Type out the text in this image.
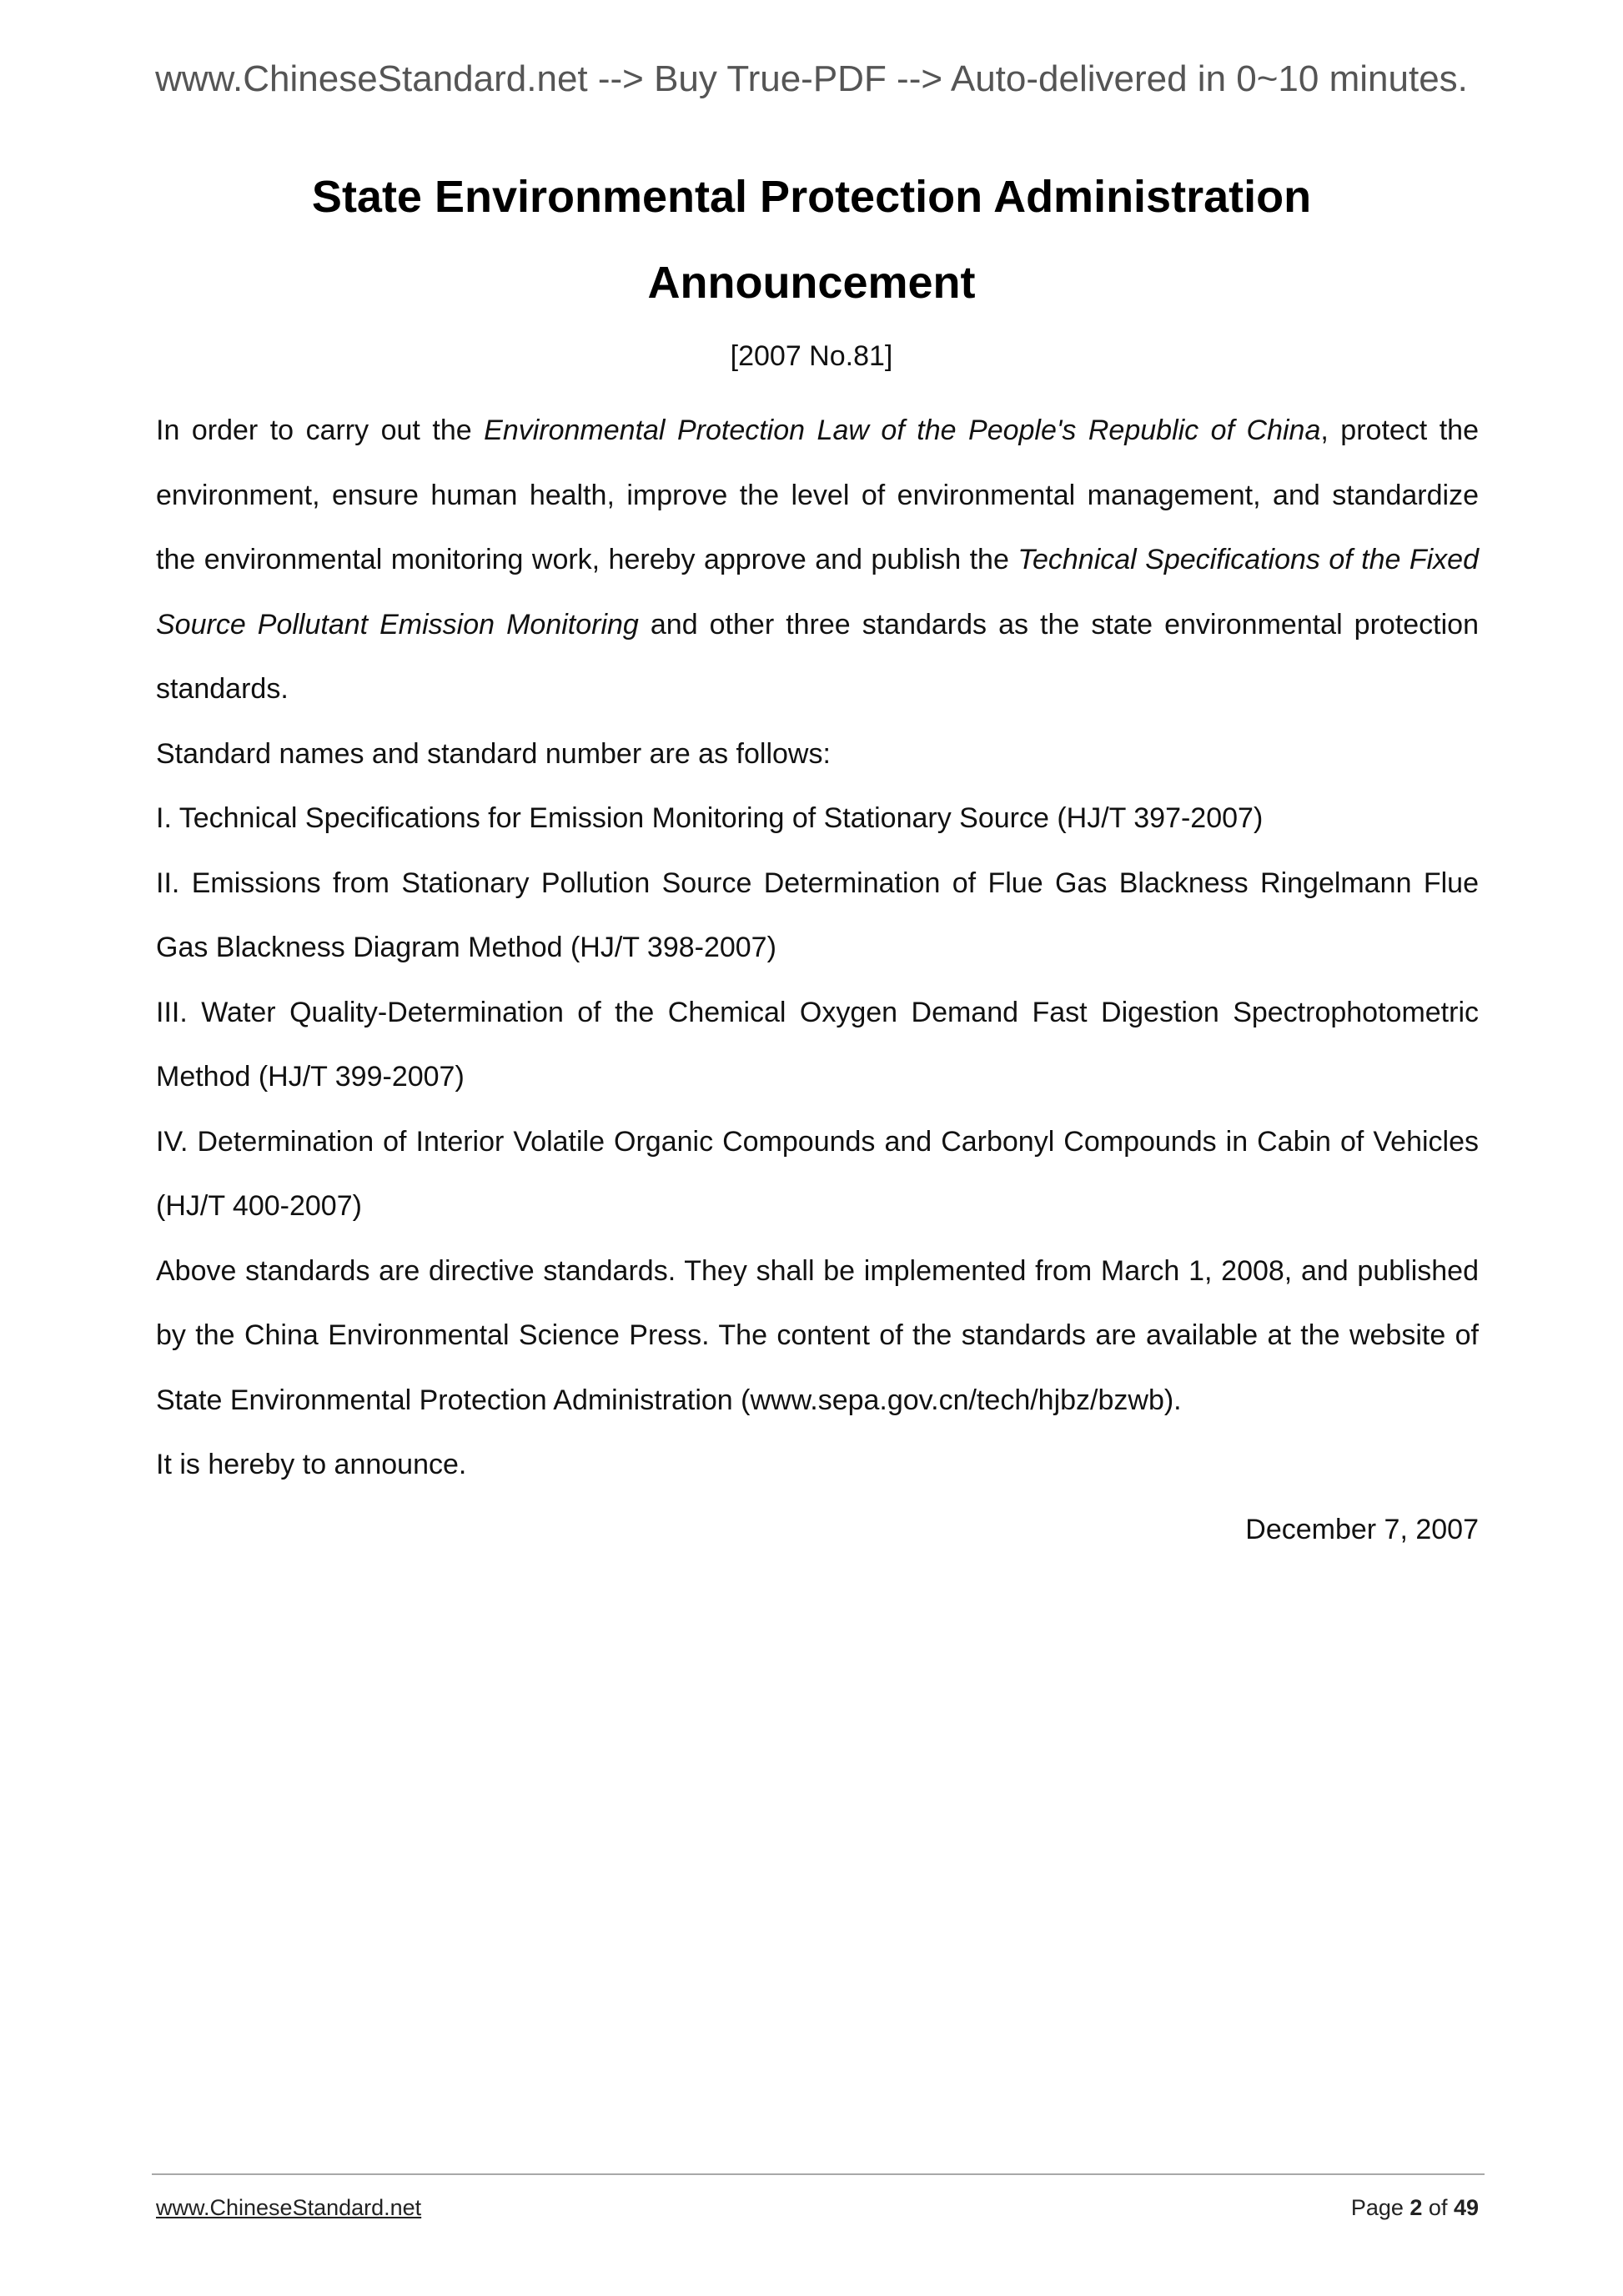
www.ChineseStandard.net --> Buy True-PDF --> Auto-delivered in 0~10 minutes.
State Environmental Protection Administration
Announcement
[2007 No.81]

In order to carry out the Environmental Protection Law of the People's Republic of China, protect the environment, ensure human health, improve the level of environmental management, and standardize the environmental monitoring work, hereby approve and publish the Technical Specifications of the Fixed Source Pollutant Emission Monitoring and other three standards as the state environmental protection standards.

Standard names and standard number are as follows:

I. Technical Specifications for Emission Monitoring of Stationary Source (HJ/T 397-2007)

II. Emissions from Stationary Pollution Source Determination of Flue Gas Blackness Ringelmann Flue Gas Blackness Diagram Method (HJ/T 398-2007)

III. Water Quality-Determination of the Chemical Oxygen Demand Fast Digestion Spectrophotometric Method (HJ/T 399-2007)

IV. Determination of Interior Volatile Organic Compounds and Carbonyl Compounds in Cabin of Vehicles (HJ/T 400-2007)

Above standards are directive standards. They shall be implemented from March 1, 2008, and published by the China Environmental Science Press. The content of the standards are available at the website of State Environmental Protection Administration (www.sepa.gov.cn/tech/hjbz/bzwb).

It is hereby to announce.

December 7, 2007

www.ChineseStandard.net	Page 2 of 49
